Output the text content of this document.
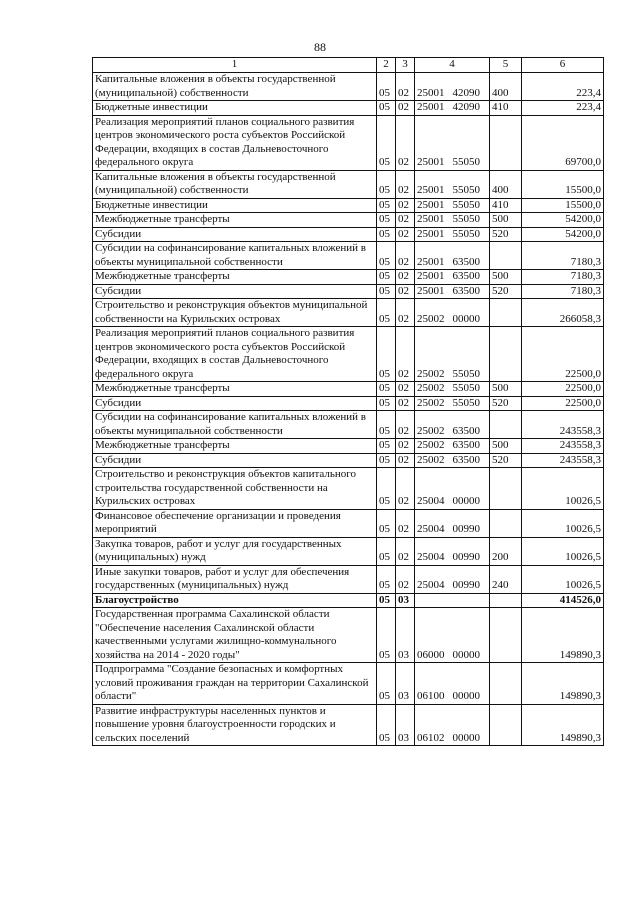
88
1	2	3	4	5	6
Капитальные вложения в объекты государственной (муниципальной) собственности	05	02	25001 42090	400	223,4
Бюджетные инвестиции	05	02	25001 42090	410	223,4
Реализация мероприятий планов социального развития центров экономического роста субъектов Российской Федерации, входящих в состав Дальневосточного федерального округа	05	02	25001 55050		69700,0
Капитальные вложения в объекты государственной (муниципальной) собственности	05	02	25001 55050	400	15500,0
Бюджетные инвестиции	05	02	25001 55050	410	15500,0
Межбюджетные трансферты	05	02	25001 55050	500	54200,0
Субсидии	05	02	25001 55050	520	54200,0
Субсидии на софинансирование капитальных вложений в объекты муниципальной собственности	05	02	25001 63500		7180,3
Межбюджетные трансферты	05	02	25001 63500	500	7180,3
Субсидии	05	02	25001 63500	520	7180,3
Строительство и реконструкция объектов муниципальной собственности на Курильских островах	05	02	25002 00000		266058,3
Реализация мероприятий планов социального развития центров экономического роста субъектов Российской Федерации, входящих в состав Дальневосточного федерального округа	05	02	25002 55050		22500,0
Межбюджетные трансферты	05	02	25002 55050	500	22500,0
Субсидии	05	02	25002 55050	520	22500,0
Субсидии на софинансирование капитальных вложений в объекты муниципальной собственности	05	02	25002 63500		243558,3
Межбюджетные трансферты	05	02	25002 63500	500	243558,3
Субсидии	05	02	25002 63500	520	243558,3
Строительство и реконструкция объектов капитального строительства государственной собственности на Курильских островах	05	02	25004 00000		10026,5
Финансовое обеспечение организации и проведения мероприятий	05	02	25004 00990		10026,5
Закупка товаров, работ и услуг для государственных (муниципальных) нужд	05	02	25004 00990	200	10026,5
Иные закупки товаров, работ и услуг для обеспечения государственных (муниципальных) нужд	05	02	25004 00990	240	10026,5
Благоустройство	05	03			414526,0
Государственная программа Сахалинской области "Обеспечение населения Сахалинской области качественными услугами жилищно-коммунального хозяйства на 2014 - 2020 годы"	05	03	06000 00000		149890,3
Подпрограмма "Создание безопасных и комфортных условий проживания граждан на территории Сахалинской области"	05	03	06100 00000		149890,3
Развитие инфраструктуры населенных пунктов и повышение уровня благоустроенности городских и сельских поселений	05	03	06102 00000		149890,3
